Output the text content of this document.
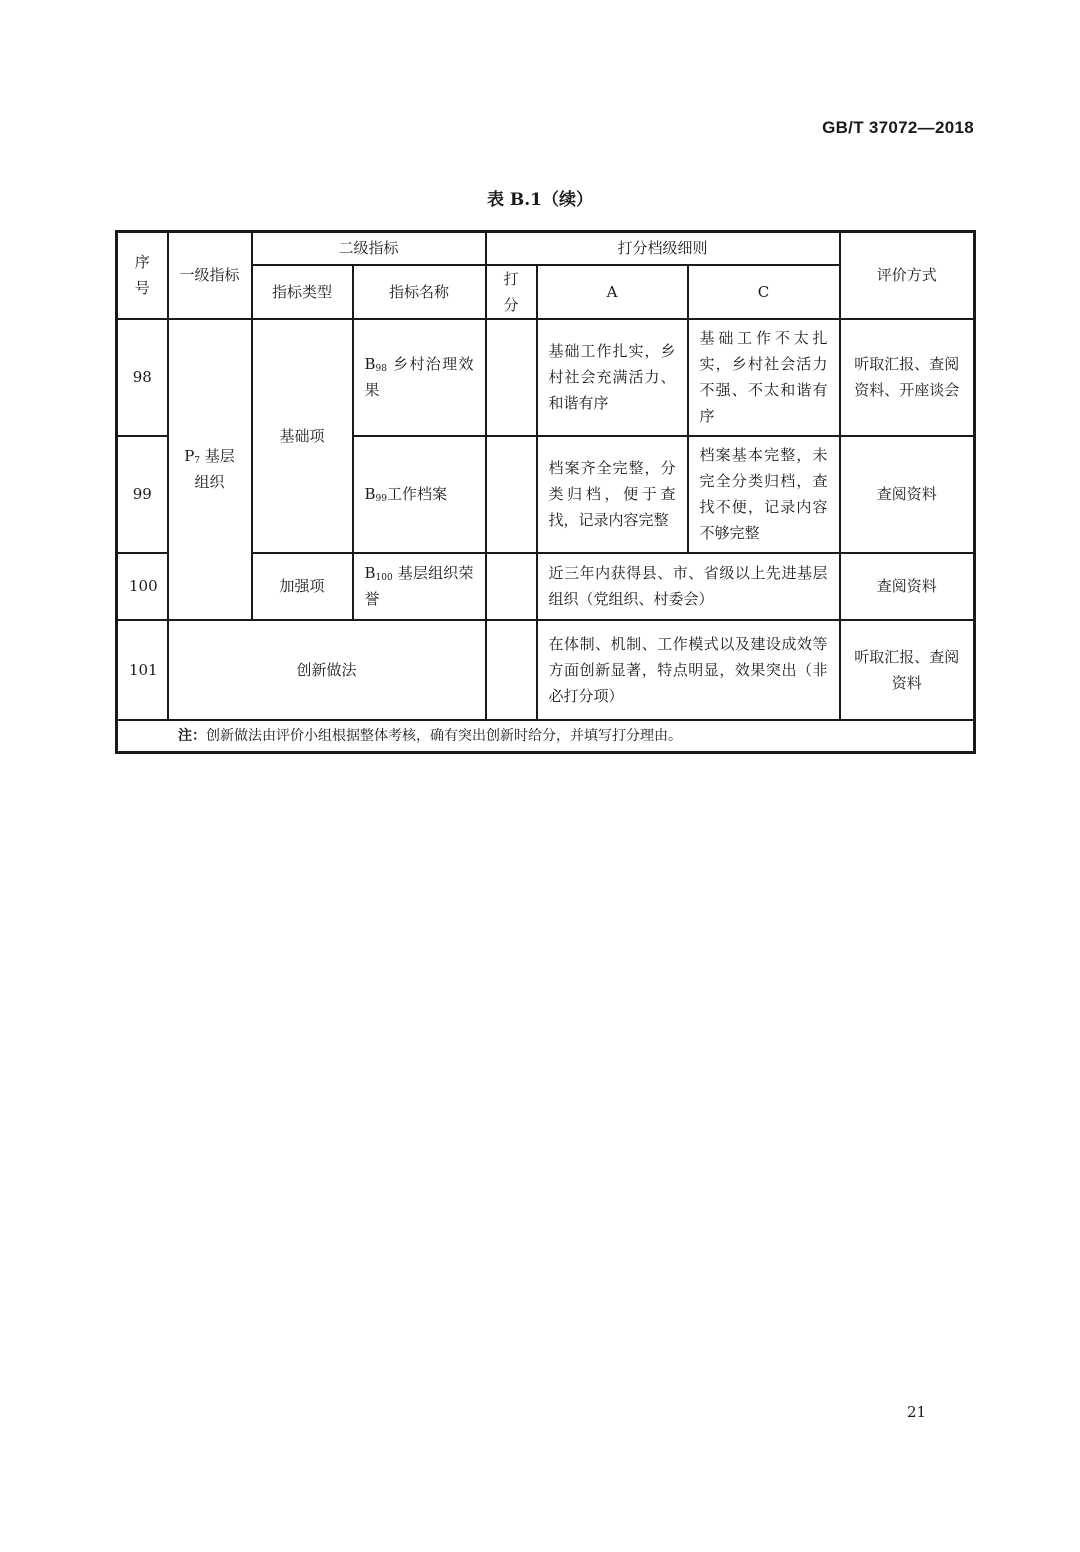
GB/T 37072—2018
表 B.1（续）
序号	一级指标	二级指标		打分档级细则			评价方式
		指标类型	指标名称	打分	A	C	
98	$P_7$ 基层组织	基础项	$B_{98}$ 乡村治理效果		基础工作扎实，乡村社会充满活力、和谐有序	基础工作不太扎实，乡村社会活力不强、不太和谐有序	听取汇报、查阅资料、开座谈会
99			$B_{99}$工作档案		档案齐全完整，分类归档，便于查找，记录内容完整	档案基本完整，未完全分类归档，查找不便，记录内容不够完整	查阅资料
100		加强项	$B_{100}$ 基层组织荣誉		近三年内获得县、市、省级以上先进基层组织（党组织、村委会）		查阅资料
101	创新做法				在体制、机制、工作模式以及建设成效等方面创新显著，特点明显，效果突出（非必打分项）		听取汇报、查阅资料
注：创新做法由评价小组根据整体考核，确有突出创新时给分，并填写打分理由。							
21
